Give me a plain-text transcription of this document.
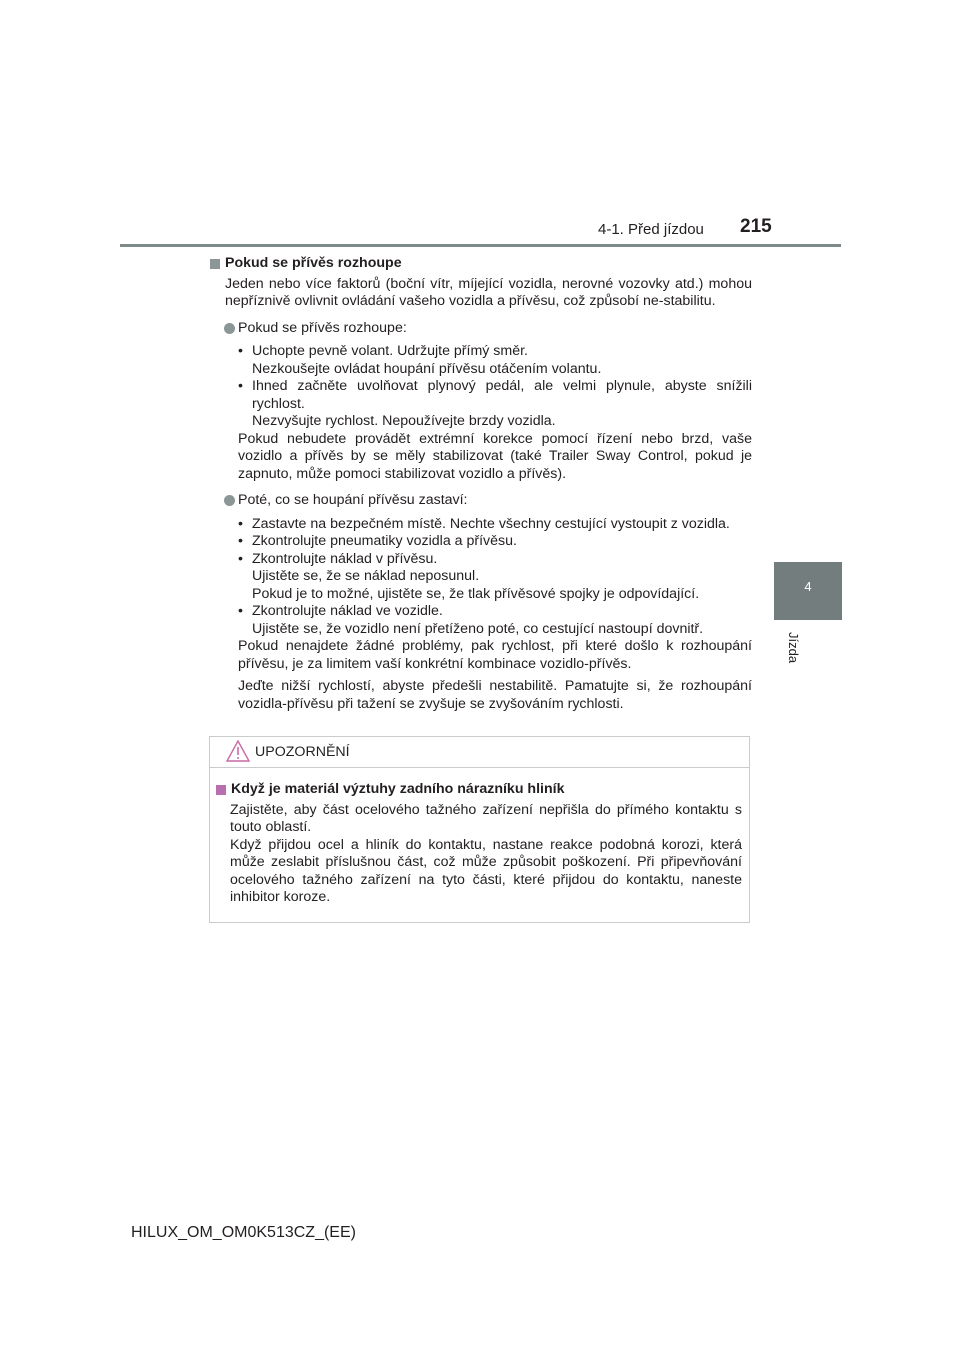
4-1. Před jízdou 215
4
Jízda
Pokud se přívěs rozhoupe
Jeden nebo více faktorů (boční vítr, míjející vozidla, nerovné vozovky atd.) mohou nepříznivě ovlivnit ovládání vašeho vozidla a přívěsu, což způsobí ne-stabilitu.
Pokud se přívěs rozhoupe:
• Uchopte pevně volant. Udržujte přímý směr.
Nezkoušejte ovládat houpání přívěsu otáčením volantu.
• Ihned začněte uvolňovat plynový pedál, ale velmi plynule, abyste snížili rychlost.
Nezvyšujte rychlost. Nepoužívejte brzdy vozidla.
Pokud nebudete provádět extrémní korekce pomocí řízení nebo brzd, vaše vozidlo a přívěs by se měly stabilizovat (také Trailer Sway Control, pokud je zapnuto, může pomoci stabilizovat vozidlo a přívěs).
Poté, co se houpání přívěsu zastaví:
• Zastavte na bezpečném místě. Nechte všechny cestující vystoupit z vozidla.
• Zkontrolujte pneumatiky vozidla a přívěsu.
• Zkontrolujte náklad v přívěsu.
Ujistěte se, že se náklad neposunul.
Pokud je to možné, ujistěte se, že tlak přívěsové spojky je odpovídající.
• Zkontrolujte náklad ve vozidle.
Ujistěte se, že vozidlo není přetíženo poté, co cestující nastoupí dovnitř.
Pokud nenajdete žádné problémy, pak rychlost, při které došlo k rozhoupání přívěsu, je za limitem vaší konkrétní kombinace vozidlo-přívěs.
Jeďte nižší rychlostí, abyste předešli nestabilitě. Pamatujte si, že rozhoupání vozidla-přívěsu při tažení se zvyšuje se zvyšováním rychlosti.
UPOZORNĚNÍ
Když je materiál výztuhy zadního nárazníku hliník
Zajistěte, aby část ocelového tažného zařízení nepřišla do přímého kontaktu s touto oblastí.
Když přijdou ocel a hliník do kontaktu, nastane reakce podobná korozi, která může zeslabit příslušnou část, což může způsobit poškození. Při připevňování ocelového tažného zařízení na tyto části, které přijdou do kontaktu, naneste inhibitor koroze.
HILUX_OM_OM0K513CZ_(EE)
